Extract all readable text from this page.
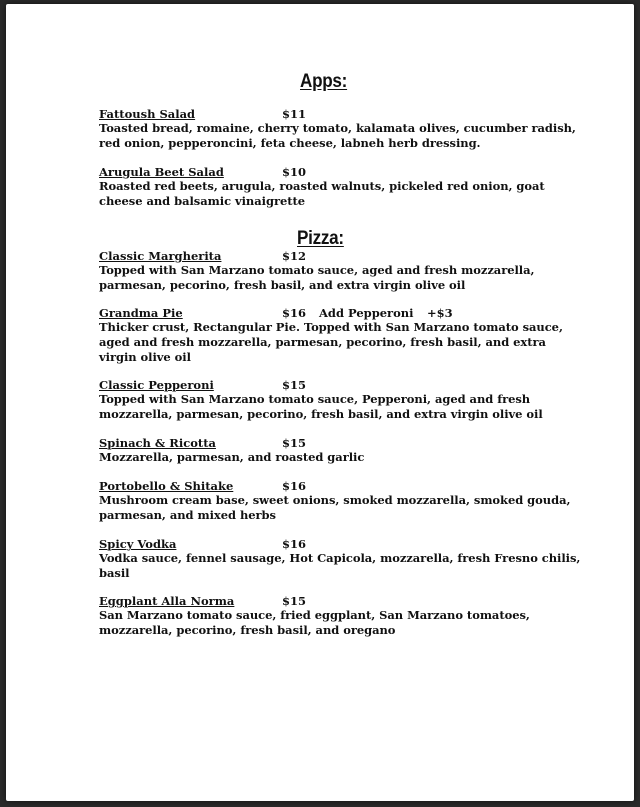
Apps:
Fattoush Salad	$11

Toasted bread, romaine, cherry tomato, kalamata olives, cucumber radish, red onion, pepperoncini, feta cheese, labneh herb dressing.

Arugula Beet Salad	$10

Roasted red beets, arugula, roasted walnuts, pickeled red onion, goat cheese and balsamic vinaigrette

Pizza:
Classic Margherita	$12

Topped with San Marzano tomato sauce, aged and fresh mozzarella, parmesan, pecorino, fresh basil, and extra virgin olive oil

Grandma Pie	$16 Add Pepperoni +$3

Thicker crust, Rectangular Pie. Topped with San Marzano tomato sauce, aged and fresh mozzarella, parmesan, pecorino, fresh basil, and extra virgin olive oil

Classic Pepperoni	$15

Topped with San Marzano tomato sauce, Pepperoni, aged and fresh mozzarella, parmesan, pecorino, fresh basil, and extra virgin olive oil

Spinach & Ricotta	$15

Mozzarella, parmesan, and roasted garlic

Portobello & Shitake	$16

Mushroom cream base, sweet onions, smoked mozzarella, smoked gouda, parmesan, and mixed herbs

Spicy Vodka	$16

Vodka sauce, fennel sausage, Hot Capicola, mozzarella, fresh Fresno chilis, basil

Eggplant Alla Norma	$15

San Marzano tomato sauce, fried eggplant, San Marzano tomatoes, mozzarella, pecorino, fresh basil, and oregano
